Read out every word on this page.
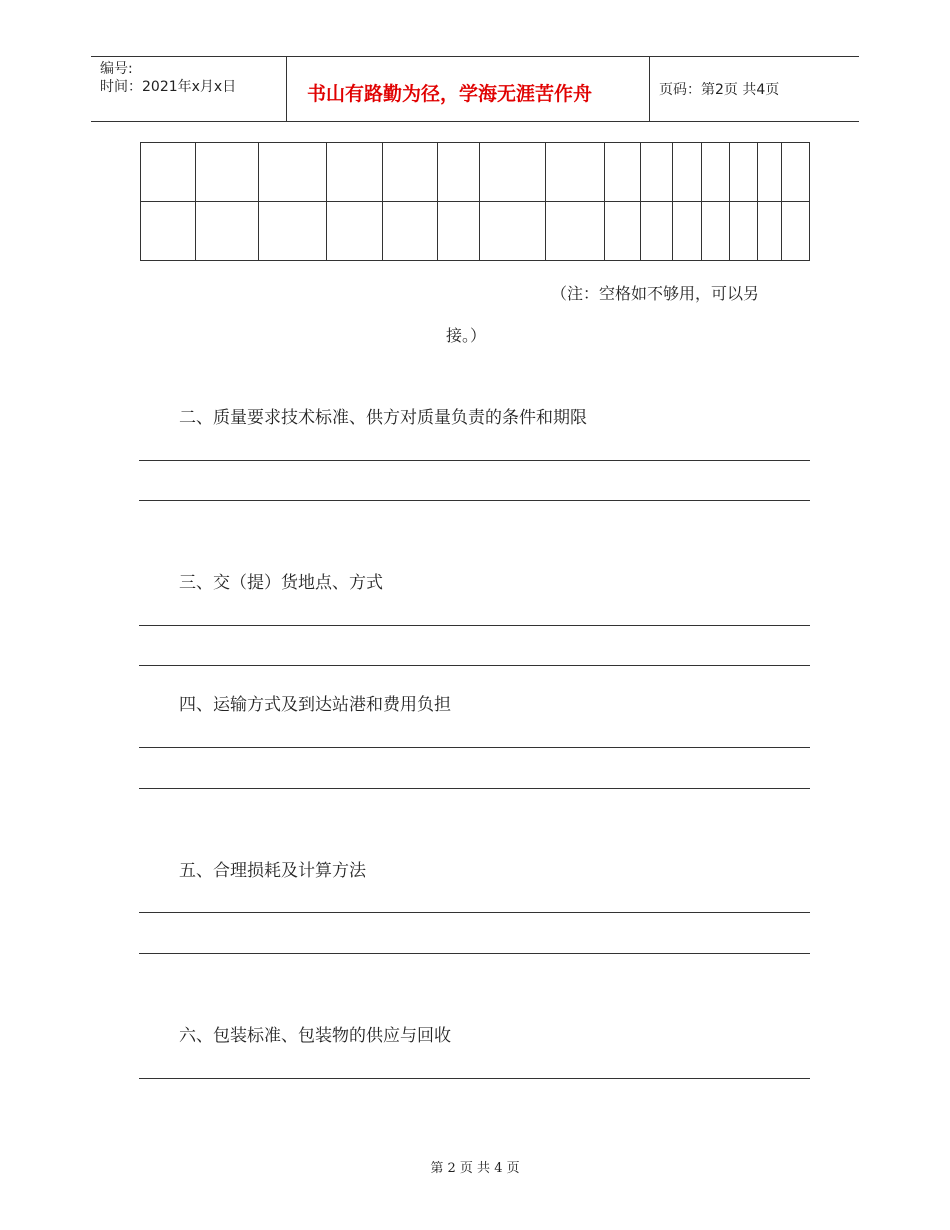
编号:
时间：2021年x月x日	书山有路勤为径，学海无涯苦作舟	页码：第2页 共4页

（注：空格如不够用，可以另
接。）
二、质量要求技术标准、供方对质量负责的条件和期限
三、交（提）货地点、方式
四、运输方式及到达站港和费用负担
五、合理损耗及计算方法
六、包装标准、包装物的供应与回收
第 2 页 共 4 页
